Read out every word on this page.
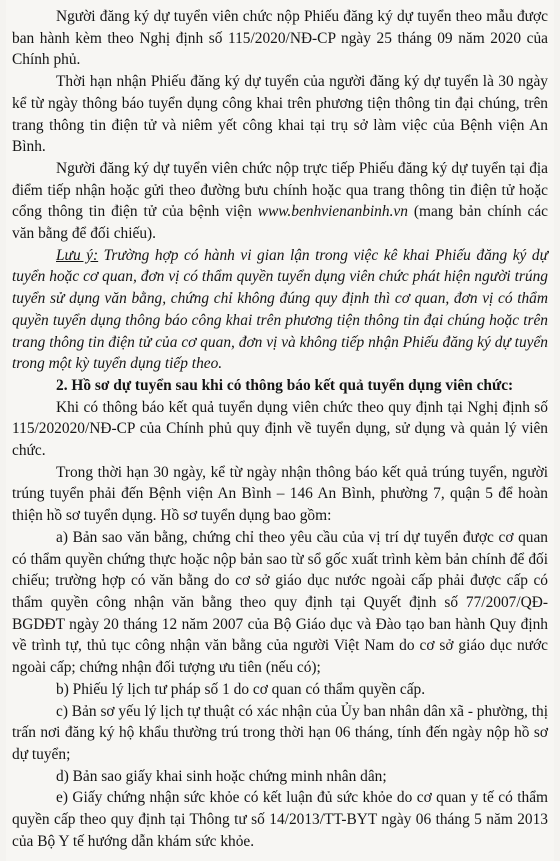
Người đăng ký dự tuyển viên chức nộp Phiếu đăng ký dự tuyển theo mẫu được ban hành kèm theo Nghị định số 115/2020/NĐ-CP ngày 25 tháng 09 năm 2020 của Chính phủ.

Thời hạn nhận Phiếu đăng ký dự tuyển của người đăng ký dự tuyển là 30 ngày kể từ ngày thông báo tuyển dụng công khai trên phương tiện thông tin đại chúng, trên trang thông tin điện tử và niêm yết công khai tại trụ sở làm việc của Bệnh viện An Bình.

Người đăng ký dự tuyển viên chức nộp trực tiếp Phiếu đăng ký dự tuyển tại địa điểm tiếp nhận hoặc gửi theo đường bưu chính hoặc qua trang thông tin điện tử hoặc cổng thông tin điện tử của bệnh viện www.benhvienanbinh.vn (mang bản chính các văn bằng để đối chiếu).

Lưu ý: Trường hợp có hành vi gian lận trong việc kê khai Phiếu đăng ký dự tuyển hoặc cơ quan, đơn vị có thẩm quyền tuyển dụng viên chức phát hiện người trúng tuyển sử dụng văn bằng, chứng chỉ không đúng quy định thì cơ quan, đơn vị có thẩm quyền tuyển dụng thông báo công khai trên phương tiện thông tin đại chúng hoặc trên trang thông tin điện tử của cơ quan, đơn vị và không tiếp nhận Phiếu đăng ký dự tuyển trong một kỳ tuyển dụng tiếp theo.

2. Hồ sơ dự tuyển sau khi có thông báo kết quả tuyển dụng viên chức:

Khi có thông báo kết quả tuyển dụng viên chức theo quy định tại Nghị định số 115/202020/NĐ-CP của Chính phủ quy định về tuyển dụng, sử dụng và quản lý viên chức.

Trong thời hạn 30 ngày, kể từ ngày nhận thông báo kết quả trúng tuyển, người trúng tuyển phải đến Bệnh viện An Bình – 146 An Bình, phường 7, quận 5 để hoàn thiện hồ sơ tuyển dụng. Hồ sơ tuyển dụng bao gồm:

a) Bản sao văn bằng, chứng chỉ theo yêu cầu của vị trí dự tuyển được cơ quan có thẩm quyền chứng thực hoặc nộp bản sao từ sổ gốc xuất trình kèm bản chính để đối chiếu; trường hợp có văn bằng do cơ sở giáo dục nước ngoài cấp phải được cấp có thẩm quyền công nhận văn bằng theo quy định tại Quyết định số 77/2007/QĐ-BGDĐT ngày 20 tháng 12 năm 2007 của Bộ Giáo dục và Đào tạo ban hành Quy định về trình tự, thủ tục công nhận văn bằng của người Việt Nam do cơ sở giáo dục nước ngoài cấp; chứng nhận đối tượng ưu tiên (nếu có);

b) Phiếu lý lịch tư pháp số 1 do cơ quan có thẩm quyền cấp.

c) Bản sơ yếu lý lịch tự thuật có xác nhận của Ủy ban nhân dân xã - phường, thị trấn nơi đăng ký hộ khẩu thường trú trong thời hạn 06 tháng, tính đến ngày nộp hồ sơ dự tuyển;

d) Bản sao giấy khai sinh hoặc chứng minh nhân dân;

e) Giấy chứng nhận sức khỏe có kết luận đủ sức khỏe do cơ quan y tế có thẩm quyền cấp theo quy định tại Thông tư số 14/2013/TT-BYT ngày 06 tháng 5 năm 2013 của Bộ Y tế hướng dẫn khám sức khỏe.
